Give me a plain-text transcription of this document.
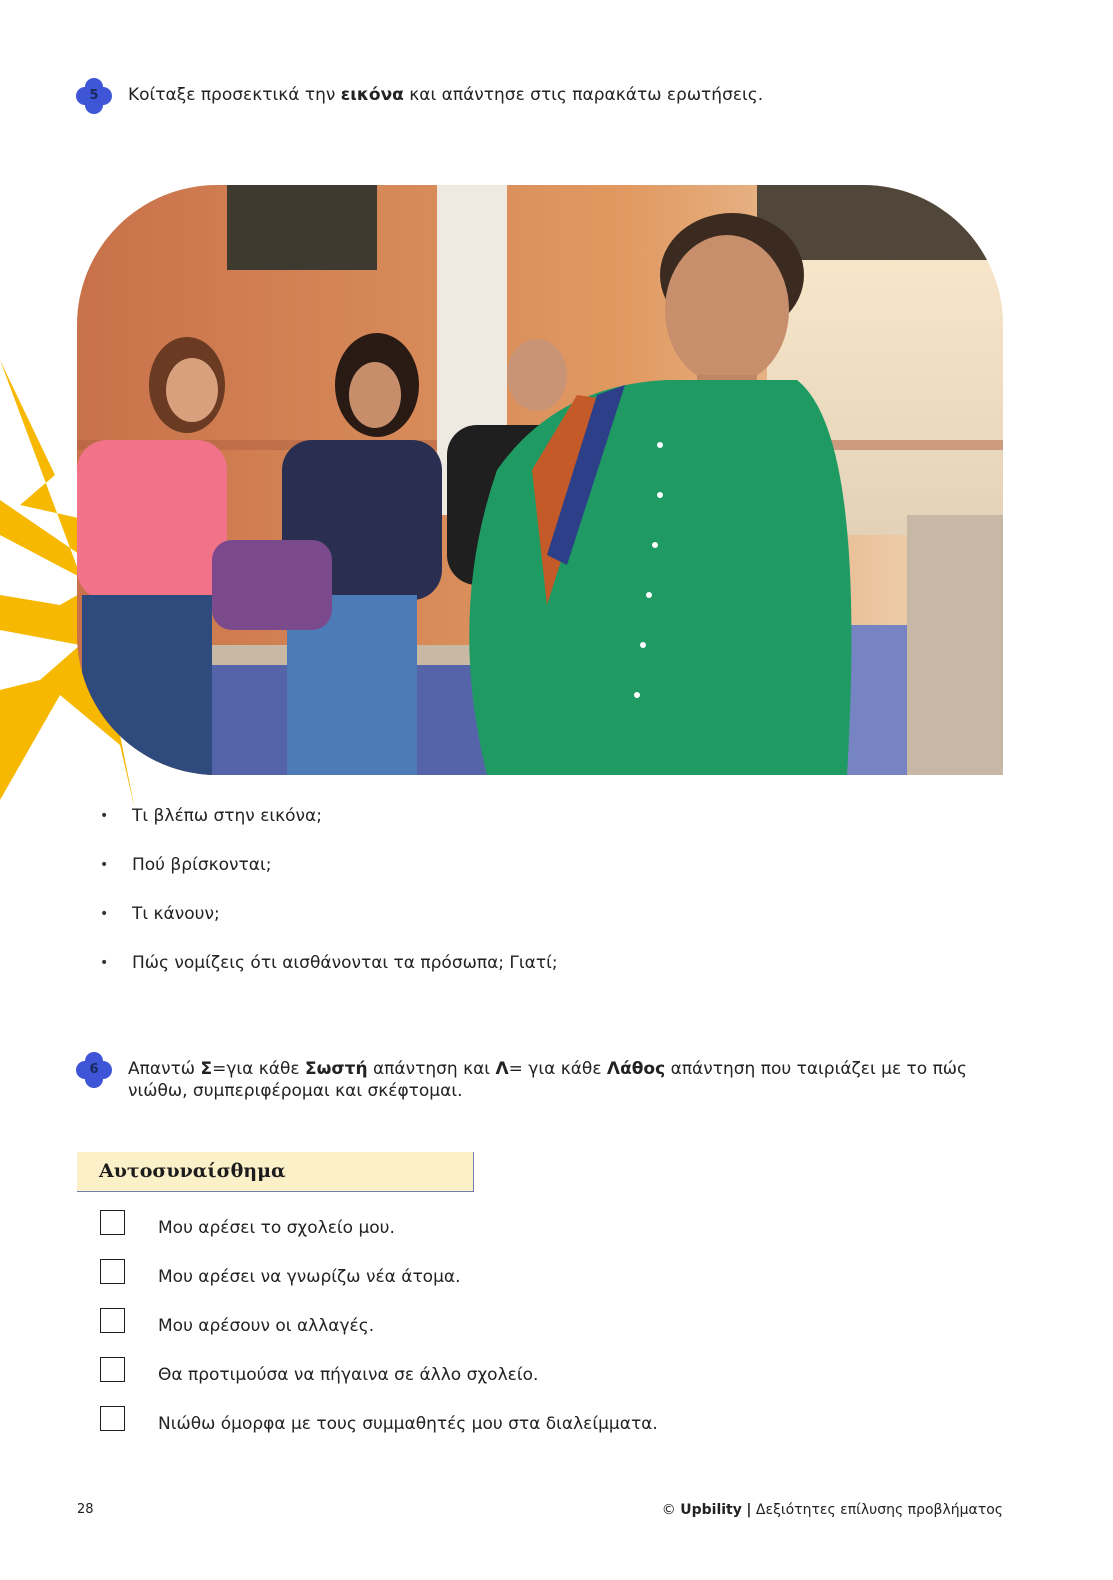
5	Κοίταξε προσεκτικά την εικόνα και απάντησε στις παρακάτω ερωτήσεις.
• Τι βλέπω στην εικόνα;
• Πού βρίσκονται;
• Τι κάνουν;
• Πώς νομίζεις ότι αισθάνονται τα πρόσωπα; Γιατί;
6	Απαντώ Σ=για κάθε Σωστή απάντηση και Λ= για κάθε Λάθος απάντηση που ταιριάζει με το πώς
νιώθω, συμπεριφέρομαι και σκέφτομαι.
Αυτοσυναίσθημα
Μου αρέσει το σχολείο μου.
Μου αρέσει να γνωρίζω νέα άτομα.
Μου αρέσουν οι αλλαγές.
Θα προτιμούσα να πήγαινα σε άλλο σχολείο.
Νιώθω όμορφα με τους συμμαθητές μου στα διαλείμματα.
28	© Upbility | Δεξιότητες επίλυσης προβλήματος
